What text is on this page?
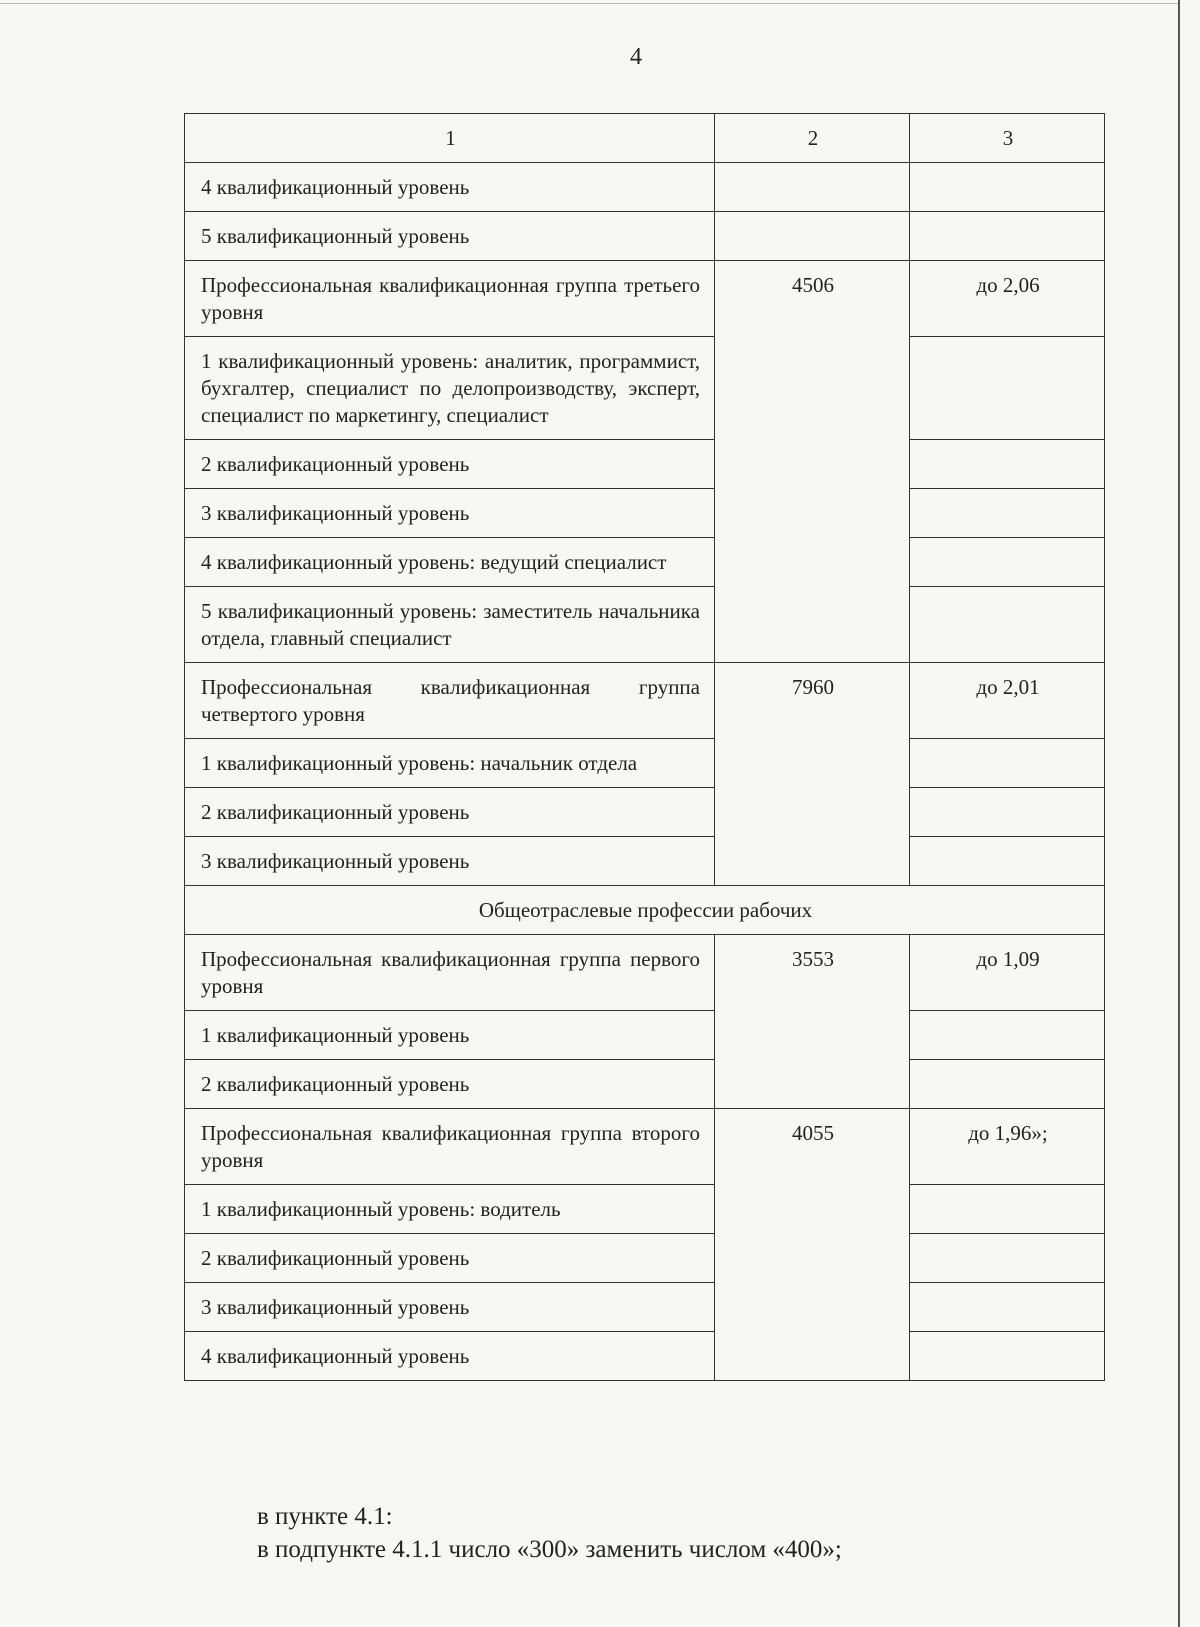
4
1	2	3
4 квалификационный уровень		
5 квалификационный уровень		
Профессиональная квалификационная группа третьего уровня	4506	до 2,06
1 квалификационный уровень: аналитик, программист, бухгалтер, специалист по делопроизводству, эксперт, специалист по маркетингу, специалист		
2 квалификационный уровень		
3 квалификационный уровень		
4 квалификационный уровень: ведущий специалист		
5 квалификационный уровень: заместитель начальника отдела, главный специалист		
Профессиональная квалификационная группа четвертого уровня	7960	до 2,01
1 квалификационный уровень: начальник отдела		
2 квалификационный уровень		
3 квалификационный уровень		
Общеотраслевые профессии рабочих		
Профессиональная квалификационная группа первого уровня	3553	до 1,09
1 квалификационный уровень		
2 квалификационный уровень		
Профессиональная квалификационная группа второго уровня	4055	до 1,96»;
1 квалификационный уровень: водитель		
2 квалификационный уровень		
3 квалификационный уровень		
4 квалификационный уровень		
в пункте 4.1:
в подпункте 4.1.1 число «300» заменить числом «400»;
